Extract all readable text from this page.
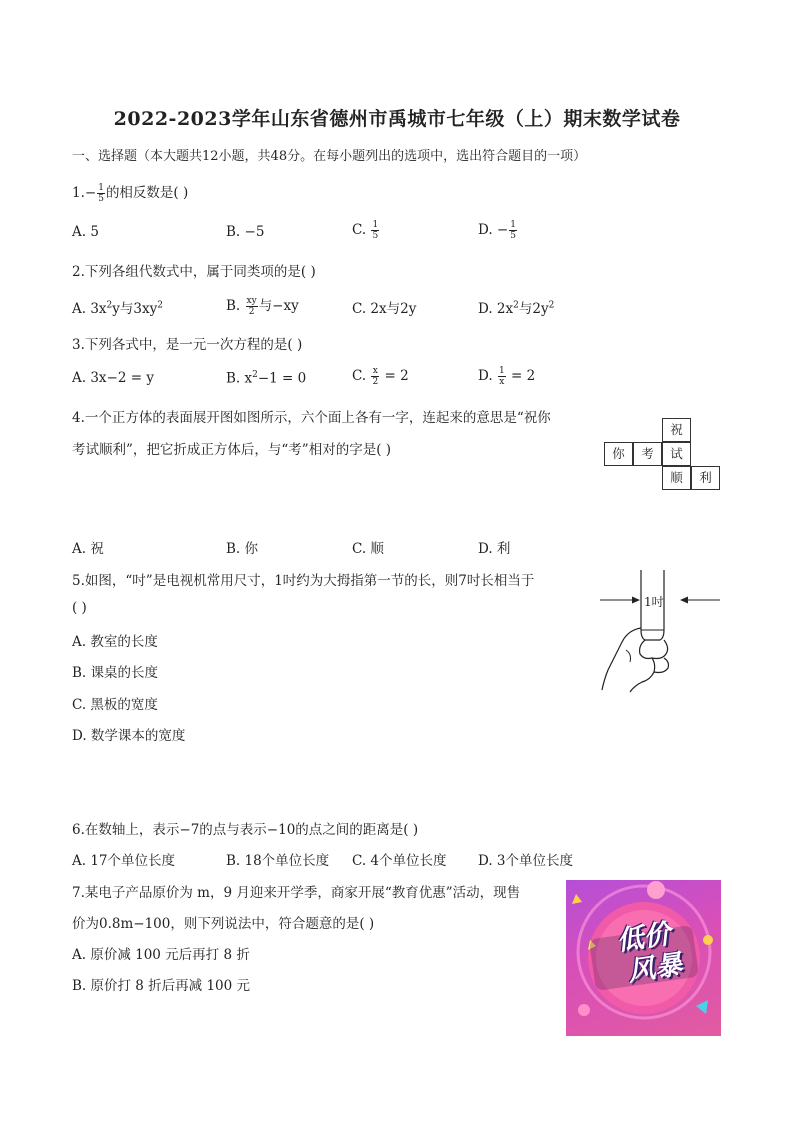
2022-2023学年山东省德州市禹城市七年级（上）期末数学试卷
一、选择题（本大题共12小题，共48分。在每小题列出的选项中，选出符合题目的一项）
$1.- \frac{1}{5}$ 的相反数是( )
A. 5	B. −5	C. $\frac{1}{5}$	D. − $\frac{1}{5}$
2.下列各组代数式中，属于同类项的是( )
A. $3x^2y$与$3xy^2$	B. $\frac{xy}{2}$ 与−xy	C. 2x与2y	D. $2x^2$与$2y^2$
3.下列各式中，是一元一次方程的是( )
A. 3x−2 = y	B. $x^2-1 = 0$	C. $\frac{x}{2} = 2$	D. $\frac{1}{x} = 2$
4.一个正方体的表面展开图如图所示，六个面上各有一字，连起来的意思是“祝你
考试顺利”，把它折成正方体后，与“考”相对的字是( )
祝
你	考	试
顺	利
A. 祝	B. 你	C. 顺	D. 利
5.如图，“吋”是电视机常用尺寸，1吋约为大拇指第一节的长，则7吋长相当于
( )
A. 教室的长度
B. 课桌的长度
C. 黑板的宽度
D. 数学课本的宽度
1吋
6.在数轴上，表示−7的点与表示−10的点之间的距离是( )
A. 17个单位长度	B. 18个单位长度 C. 4个单位长度 D. 3个单位长度
7.某电子产品原价为 m，9 月迎来开学季，商家开展“教育优惠”活动，现售
价为0.8m−100，则下列说法中，符合题意的是( )
A. 原价减 100 元后再打 8 折
B. 原价打 8 折后再减 100 元
低价
风暴
